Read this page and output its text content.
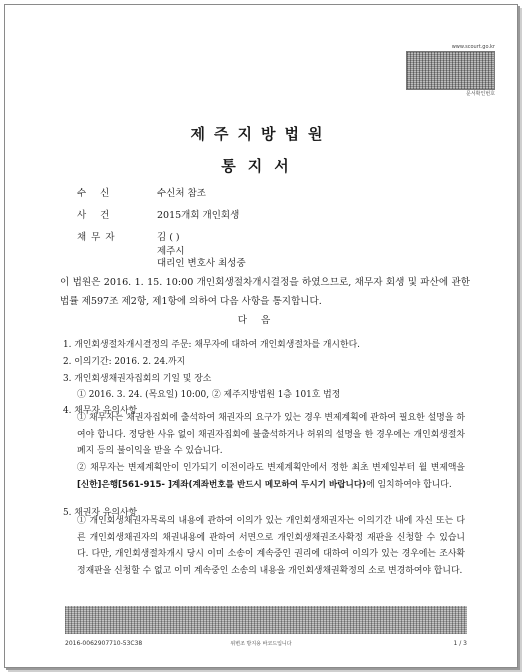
www.scourt.go.kr
문서확인번호
제주지방법원
통지서
수신	수신처 참조
사건	2015개회 개인회생
채무자	김 ( )
제주시
대리인 변호사 최성중
이 법원은 2016. 1. 15. 10:00 개인회생절차개시결정을 하였으므로, 채무자 회생 및 파산에 관한 법률 제597조 제2항, 제1항에 의하여 다음 사항을 통지합니다.
다음
1. 개인회생절차개시결정의 주문: 채무자에 대하여 개인회생절차를 개시한다.
2. 이의기간: 2016. 2. 24.까지
3. 개인회생채권자집회의 기일 및 장소
① 2016. 3. 24. (목요일) 10:00, ② 제주지방법원 1층 101호 법정
4. 채무자 유의사항
① 채무자는 채권자집회에 출석하여 채권자의 요구가 있는 경우 변제계획에 관하여 필요한 설명을 하여야 합니다. 정당한 사유 없이 채권자집회에 불출석하거나 허위의 설명을 한 경우에는 개인회생절차폐지 등의 불이익을 받을 수 있습니다.
② 채무자는 변제계획안이 인가되기 이전이라도 변제계획안에서 정한 최초 변제일부터 월 변제액을 [신한]은행[561-915- ]계좌(계좌번호를 반드시 메모하여 두시기 바랍니다)에 임치하여야 합니다.
5. 채권자 유의사항
① 개인회생채권자목록의 내용에 관하여 이의가 있는 개인회생채권자는 이의기간 내에 자신 또는 다른 개인회생채권자의 채권내용에 관하여 서면으로 개인회생채권조사확정 재판을 신청할 수 있습니다. 다만, 개인회생절차개시 당시 이미 소송이 계속중인 권리에 대하여 이의가 있는 경우에는 조사확정재판을 신청할 수 없고 이미 계속중인 소송의 내용을 개인회생채권확정의 소로 변경하여야 합니다.
2016-0062907710-53C38	위변조 방지용 바코드입니다	1 / 3
